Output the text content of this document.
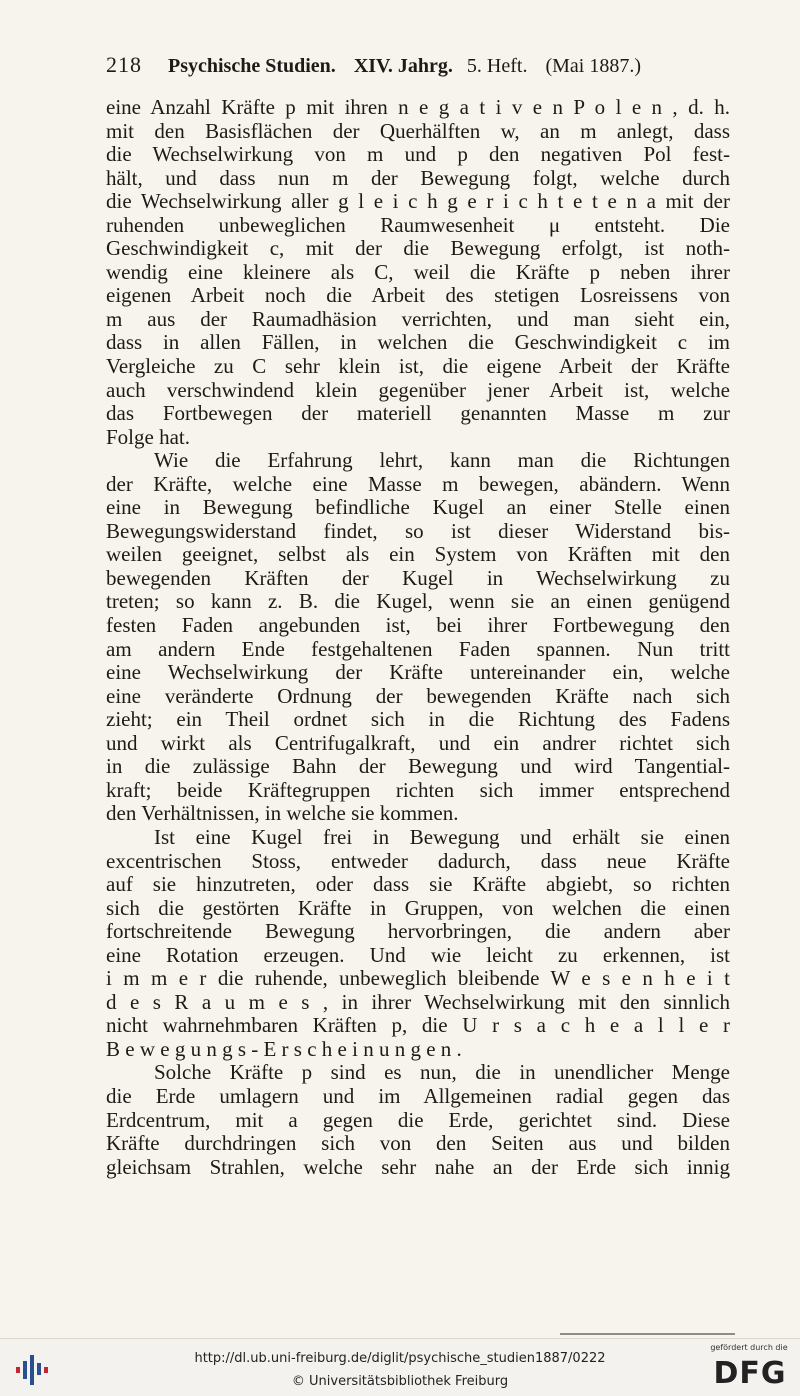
218 Psychische Studien. XIV. Jahrg. 5. Heft. (Mai 1887.)
eine Anzahl Kräfte p mit ihren n e g a t i v e n P o l e n , d. h.
mit den Basisflächen der Querhälften w, an m anlegt, dass
die Wechselwirkung von m und p den negativen Pol fest-
hält, und dass nun m der Bewegung folgt, welche durch
die Wechselwirkung aller g l e i c h g e r i c h t e t e n a mit der
ruhenden unbeweglichen Raumwesenheit μ entsteht. Die
Geschwindigkeit c, mit der die Bewegung erfolgt, ist noth-
wendig eine kleinere als C, weil die Kräfte p neben ihrer
eigenen Arbeit noch die Arbeit des stetigen Losreissens von
m aus der Raumadhäsion verrichten, und man sieht ein,
dass in allen Fällen, in welchen die Geschwindigkeit c im
Vergleiche zu C sehr klein ist, die eigene Arbeit der Kräfte
auch verschwindend klein gegenüber jener Arbeit ist, welche
das Fortbewegen der materiell genannten Masse m zur
Folge hat.
Wie die Erfahrung lehrt, kann man die Richtungen
der Kräfte, welche eine Masse m bewegen, abändern. Wenn
eine in Bewegung befindliche Kugel an einer Stelle einen
Bewegungswiderstand findet, so ist dieser Widerstand bis-
weilen geeignet, selbst als ein System von Kräften mit den
bewegenden Kräften der Kugel in Wechselwirkung zu
treten; so kann z. B. die Kugel, wenn sie an einen genügend
festen Faden angebunden ist, bei ihrer Fortbewegung den
am andern Ende festgehaltenen Faden spannen. Nun tritt
eine Wechselwirkung der Kräfte untereinander ein, welche
eine veränderte Ordnung der bewegenden Kräfte nach sich
zieht; ein Theil ordnet sich in die Richtung des Fadens
und wirkt als Centrifugalkraft, und ein andrer richtet sich
in die zulässige Bahn der Bewegung und wird Tangential-
kraft; beide Kräftegruppen richten sich immer entsprechend
den Verhältnissen, in welche sie kommen.
Ist eine Kugel frei in Bewegung und erhält sie einen
excentrischen Stoss, entweder dadurch, dass neue Kräfte
auf sie hinzutreten, oder dass sie Kräfte abgiebt, so richten
sich die gestörten Kräfte in Gruppen, von welchen die einen
fortschreitende Bewegung hervorbringen, die andern aber
eine Rotation erzeugen. Und wie leicht zu erkennen, ist
i m m e r die ruhende, unbeweglich bleibende W e s e n h e i t
d e s R a u m e s , in ihrer Wechselwirkung mit den sinnlich
nicht wahrnehmbaren Kräften p, die U r s a c h e a l l e r
B e w e g u n g s - E r s c h e i n u n g e n .
Solche Kräfte p sind es nun, die in unendlicher Menge
die Erde umlagern und im Allgemeinen radial gegen das
Erdcentrum, mit a gegen die Erde, gerichtet sind. Diese
Kräfte durchdringen sich von den Seiten aus und bilden
gleichsam Strahlen, welche sehr nahe an der Erde sich innig
http://dl.ub.uni-freiburg.de/diglit/psychische_studien1887/0222
© Universitätsbibliothek Freiburg
gefördert durch die
DFG
